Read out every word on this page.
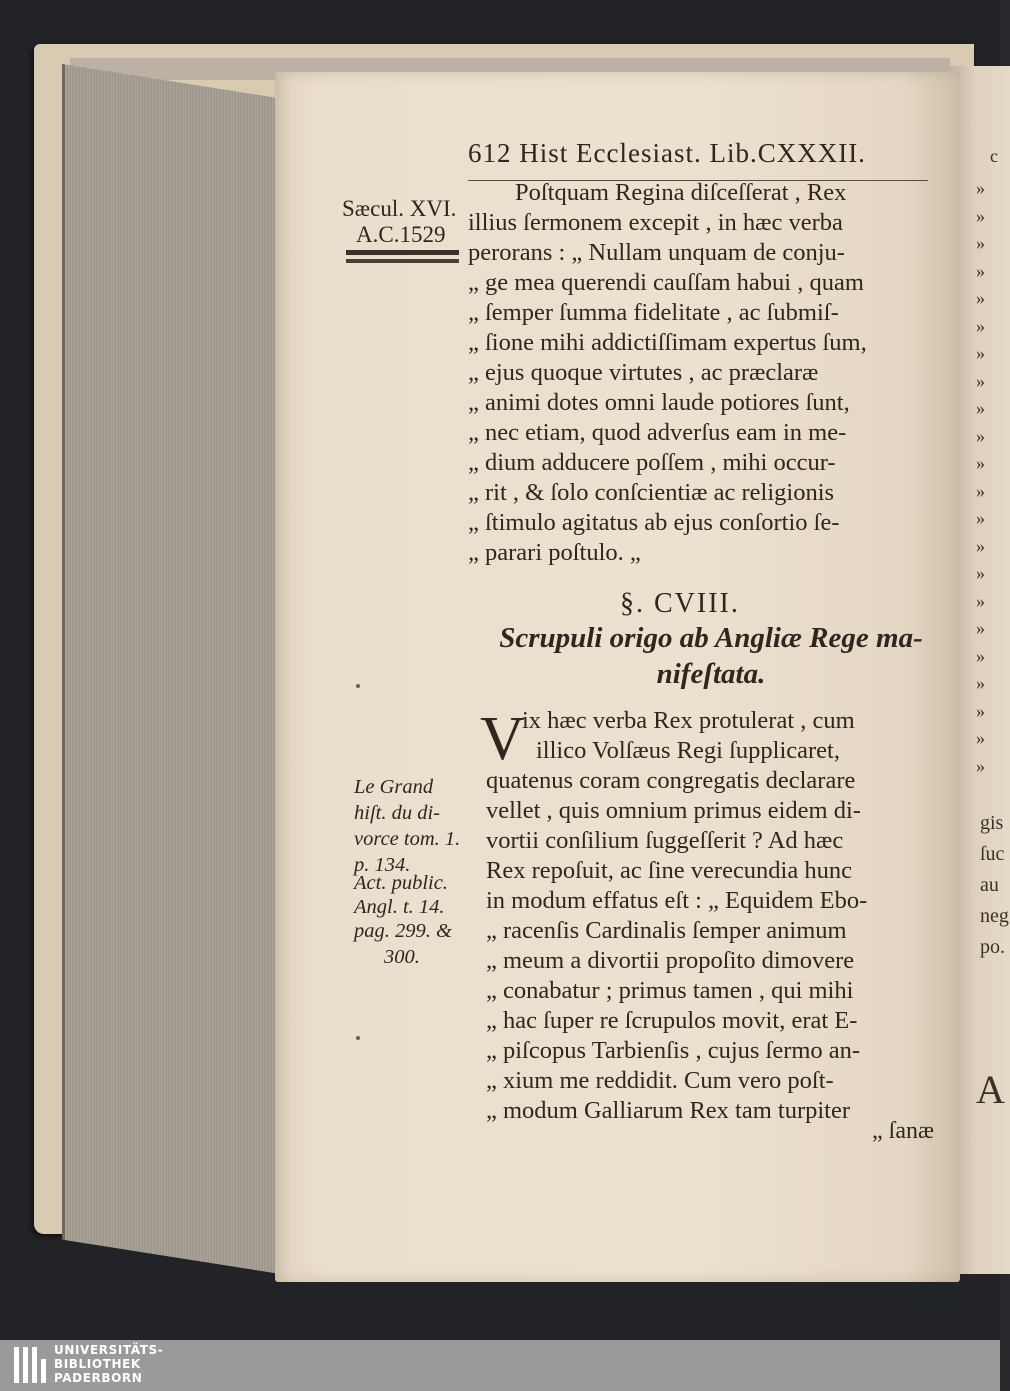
c
»
»
»
»
»
»
»
»
»
»
»
»
»
»
»
»
»
»
»
»
»
»
gis
ſuc
au
neg
po.
A
612 Hist Ecclesiast. Lib.CXXXII.
Sæcul. XVI.
A.C.1529
Poſtquam Regina diſceſſerat , Rex
illius ſermonem excepit , in hæc verba
perorans : „ Nullam unquam de conju-
„ ge mea querendi cauſſam habui , quam
„ ſemper ſumma fidelitate , ac ſubmiſ-
„ ſione mihi addictiſſimam expertus ſum,
„ ejus quoque virtutes , ac præclaræ
„ animi dotes omni laude potiores ſunt,
„ nec etiam, quod adverſus eam in me-
„ dium adducere poſſem , mihi occur-
„ rit , & ſolo conſcientiæ ac religionis
„ ſtimulo agitatus ab ejus conſortio ſe-
„ parari poſtulo. „
§. CVIII.
Scrupuli origo ab Angliæ Rege ma-
nifeſtata.
V
ix hæc verba Rex protulerat , cum
illico Volſæus Regi ſupplicaret,
quatenus coram congregatis declarare
vellet , quis omnium primus eidem di-
vortii conſilium ſuggeſſerit ? Ad hæc
Rex repoſuit, ac ſine verecundia hunc
in modum effatus eſt : „ Equidem Ebo-
„ racenſis Cardinalis ſemper animum
„ meum a divortii propoſito dimovere
„ conabatur ; primus tamen , qui mihi
„ hac ſuper re ſcrupulos movit, erat E-
„ piſcopus Tarbienſis , cujus ſermo an-
„ xium me reddidit. Cum vero poſt-
„ modum Galliarum Rex tam turpiter
„ ſanæ
Le Grand
hiſt. du di-
vorce tom. 1.
p. 134.
Act. public.
Angl. t. 14.
pag. 299. &
300.
UNIVERSITÄTS-
BIBLIOTHEK
PADERBORN
